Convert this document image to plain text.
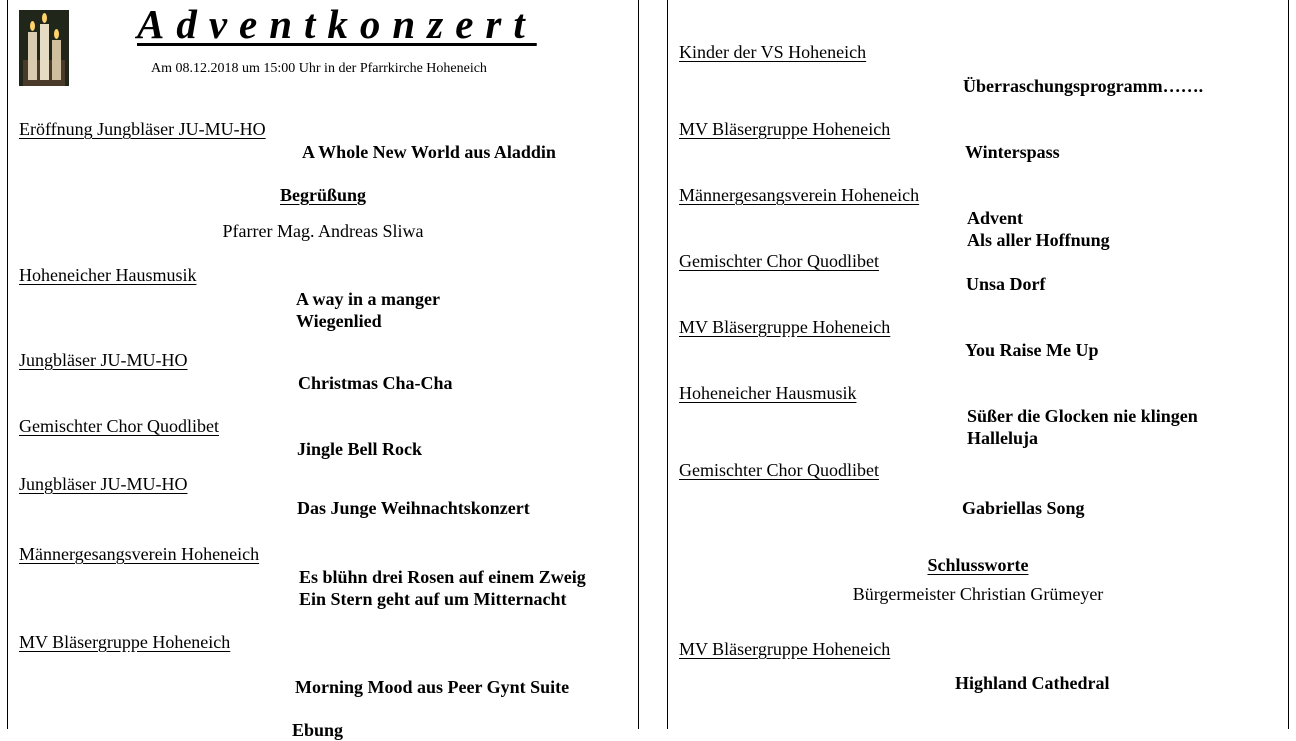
Adventkonzert
Am 08.12.2018 um 15:00 Uhr in der Pfarrkirche Hoheneich
Eröffnung Jungbläser JU-MU-HO
A Whole New World aus Aladdin
Begrüßung
Pfarrer Mag. Andreas Sliwa
Hoheneicher Hausmusik
A way in a manger
Wiegenlied
Jungbläser JU-MU-HO
Christmas Cha-Cha
Gemischter Chor Quodlibet
Jingle Bell Rock
Jungbläser JU-MU-HO
Das Junge Weihnachtskonzert
Männergesangsverein Hoheneich
Es blühn drei Rosen auf einem Zweig
Ein Stern geht auf um Mitternacht
MV Bläsergruppe Hoheneich
Morning Mood aus Peer Gynt Suite
Ebung
Kinder der VS Hoheneich
Überraschungsprogramm…….
MV Bläsergruppe Hoheneich
Winterspass
Männergesangsverein Hoheneich
Advent
Als aller Hoffnung
Gemischter Chor Quodlibet
Unsa Dorf
MV Bläsergruppe Hoheneich
You Raise Me Up
Hoheneicher Hausmusik
Süßer die Glocken nie klingen
Halleluja
Gemischter Chor Quodlibet
Gabriellas Song
Schlussworte
Bürgermeister Christian Grümeyer
MV Bläsergruppe Hoheneich
Highland Cathedral
